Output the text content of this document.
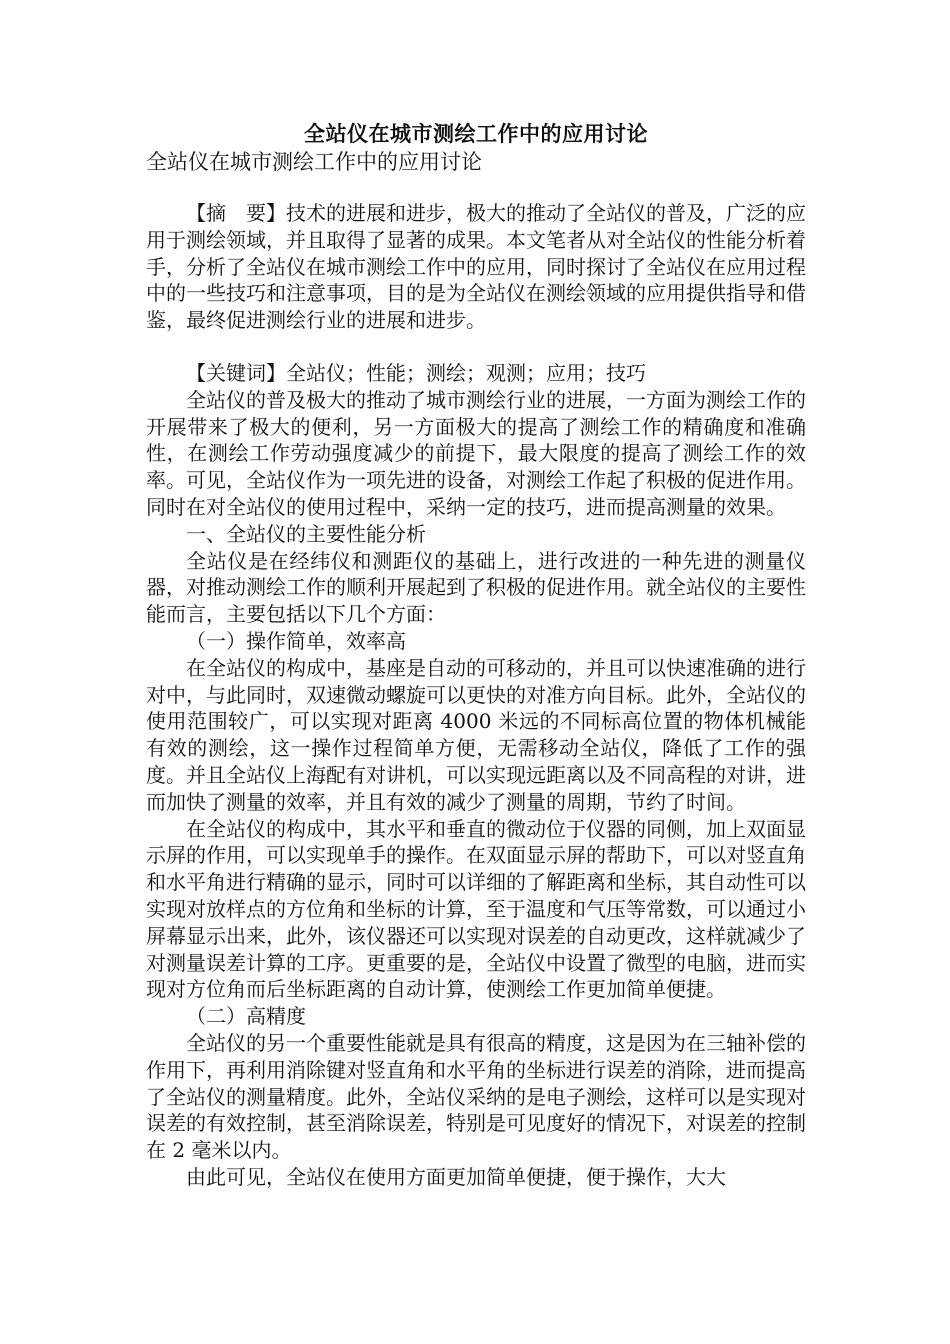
全站仪在城市测绘工作中的应用讨论

全站仪在城市测绘工作中的应用讨论

【摘　要】技术的进展和进步，极大的推动了全站仪的普及，广泛的应用于测绘领域，并且取得了显著的成果。本文笔者从对全站仪的性能分析着手，分析了全站仪在城市测绘工作中的应用，同时探讨了全站仪在应用过程中的一些技巧和注意事项，目的是为全站仪在测绘领域的应用提供指导和借鉴，最终促进测绘行业的进展和进步。

【关键词】全站仪；性能；测绘；观测；应用；技巧

全站仪的普及极大的推动了城市测绘行业的进展，一方面为测绘工作的开展带来了极大的便利，另一方面极大的提高了测绘工作的精确度和准确性，在测绘工作劳动强度减少的前提下，最大限度的提高了测绘工作的效率。可见，全站仪作为一项先进的设备，对测绘工作起了积极的促进作用。同时在对全站仪的使用过程中，采纳一定的技巧，进而提高测量的效果。

一、全站仪的主要性能分析

全站仪是在经纬仪和测距仪的基础上，进行改进的一种先进的测量仪器，对推动测绘工作的顺利开展起到了积极的促进作用。就全站仪的主要性能而言，主要包括以下几个方面：

（一）操作简单，效率高

在全站仪的构成中，基座是自动的可移动的，并且可以快速准确的进行对中，与此同时，双速微动螺旋可以更快的对准方向目标。此外，全站仪的使用范围较广，可以实现对距离 4000 米远的不同标高位置的物体机械能有效的测绘，这一操作过程简单方便，无需移动全站仪，降低了工作的强度。并且全站仪上海配有对讲机，可以实现远距离以及不同高程的对讲，进而加快了测量的效率，并且有效的减少了测量的周期，节约了时间。

在全站仪的构成中，其水平和垂直的微动位于仪器的同侧，加上双面显示屏的作用，可以实现单手的操作。在双面显示屏的帮助下，可以对竖直角和水平角进行精确的显示，同时可以详细的了解距离和坐标，其自动性可以实现对放样点的方位角和坐标的计算，至于温度和气压等常数，可以通过小屏幕显示出来，此外，该仪器还可以实现对误差的自动更改，这样就减少了对测量误差计算的工序。更重要的是，全站仪中设置了微型的电脑，进而实现对方位角而后坐标距离的自动计算，使测绘工作更加简单便捷。

（二）高精度

全站仪的另一个重要性能就是具有很高的精度，这是因为在三轴补偿的作用下，再利用消除键对竖直角和水平角的坐标进行误差的消除，进而提高了全站仪的测量精度。此外，全站仪采纳的是电子测绘，这样可以是实现对误差的有效控制，甚至消除误差，特别是可见度好的情况下，对误差的控制在 2 毫米以内。

由此可见，全站仪在使用方面更加简单便捷，便于操作，大大
